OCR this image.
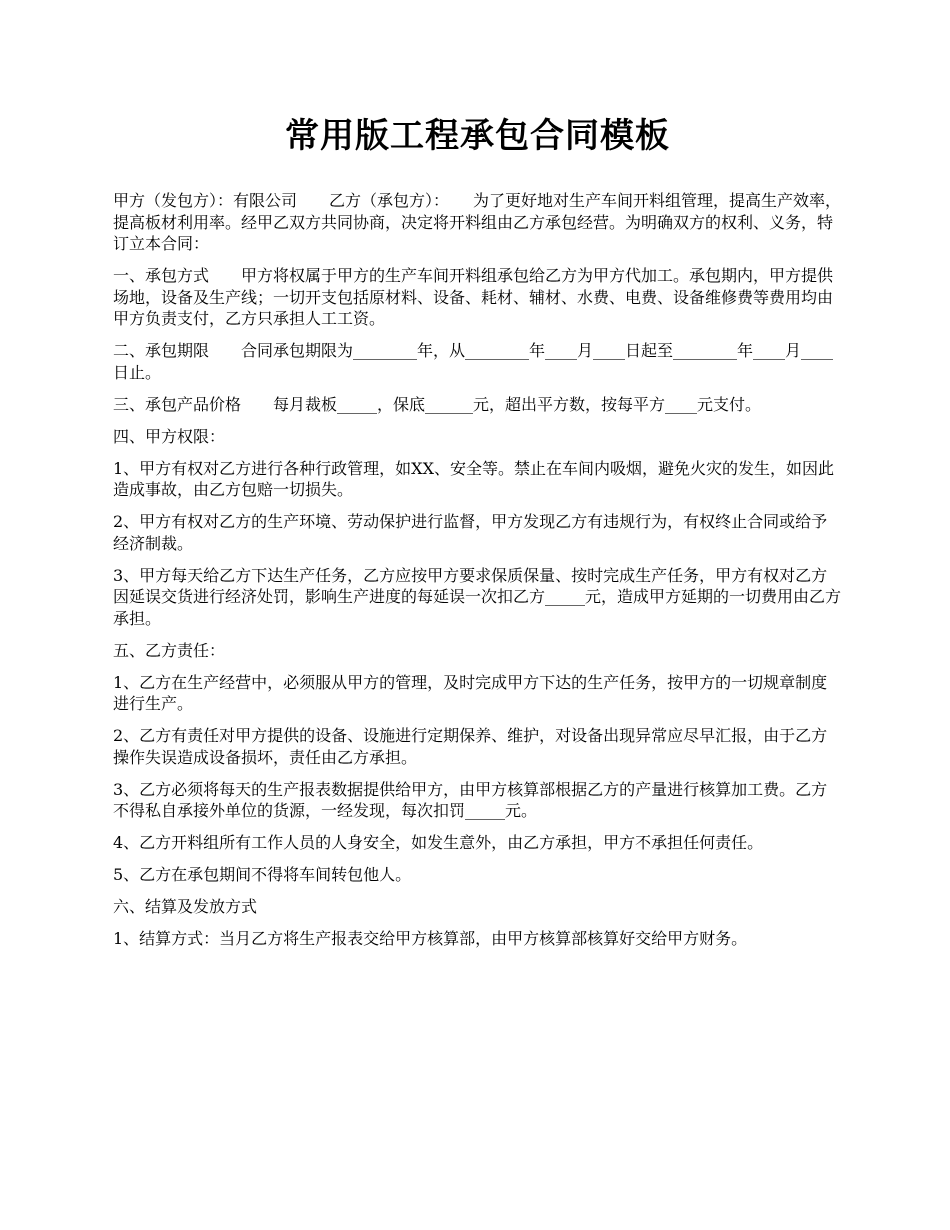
常用版工程承包合同模板

甲方（发包方）：有限公司　　乙方（承包方）：　　为了更好地对生产车间开料组管理，提高生产效率，提高板材利用率。经甲乙双方共同协商，决定将开料组由乙方承包经营。为明确双方的权利、义务，特订立本合同：

一、承包方式　　甲方将权属于甲方的生产车间开料组承包给乙方为甲方代加工。承包期内，甲方提供场地，设备及生产线；一切开支包括原材料、设备、耗材、辅材、水费、电费、设备维修费等费用均由甲方负责支付，乙方只承担人工工资。

二、承包期限　　合同承包期限为________年，从________年____月____日起至________年____月____日止。

三、承包产品价格　　每月裁板_____，保底______元，超出平方数，按每平方____元支付。

四、甲方权限：

1、甲方有权对乙方进行各种行政管理，如XX、安全等。禁止在车间内吸烟，避免火灾的发生，如因此造成事故，由乙方包赔一切损失。

2、甲方有权对乙方的生产环境、劳动保护进行监督，甲方发现乙方有违规行为，有权终止合同或给予经济制裁。

3、甲方每天给乙方下达生产任务，乙方应按甲方要求保质保量、按时完成生产任务，甲方有权对乙方因延误交货进行经济处罚，影响生产进度的每延误一次扣乙方_____元，造成甲方延期的一切费用由乙方承担。

五、乙方责任：

1、乙方在生产经营中，必须服从甲方的管理，及时完成甲方下达的生产任务，按甲方的一切规章制度进行生产。

2、乙方有责任对甲方提供的设备、设施进行定期保养、维护，对设备出现异常应尽早汇报，由于乙方操作失误造成设备损坏，责任由乙方承担。

3、乙方必须将每天的生产报表数据提供给甲方，由甲方核算部根据乙方的产量进行核算加工费。乙方不得私自承接外单位的货源，一经发现，每次扣罚_____元。

4、乙方开料组所有工作人员的人身安全，如发生意外，由乙方承担，甲方不承担任何责任。

5、乙方在承包期间不得将车间转包他人。

六、结算及发放方式

1、结算方式：当月乙方将生产报表交给甲方核算部，由甲方核算部核算好交给甲方财务。
